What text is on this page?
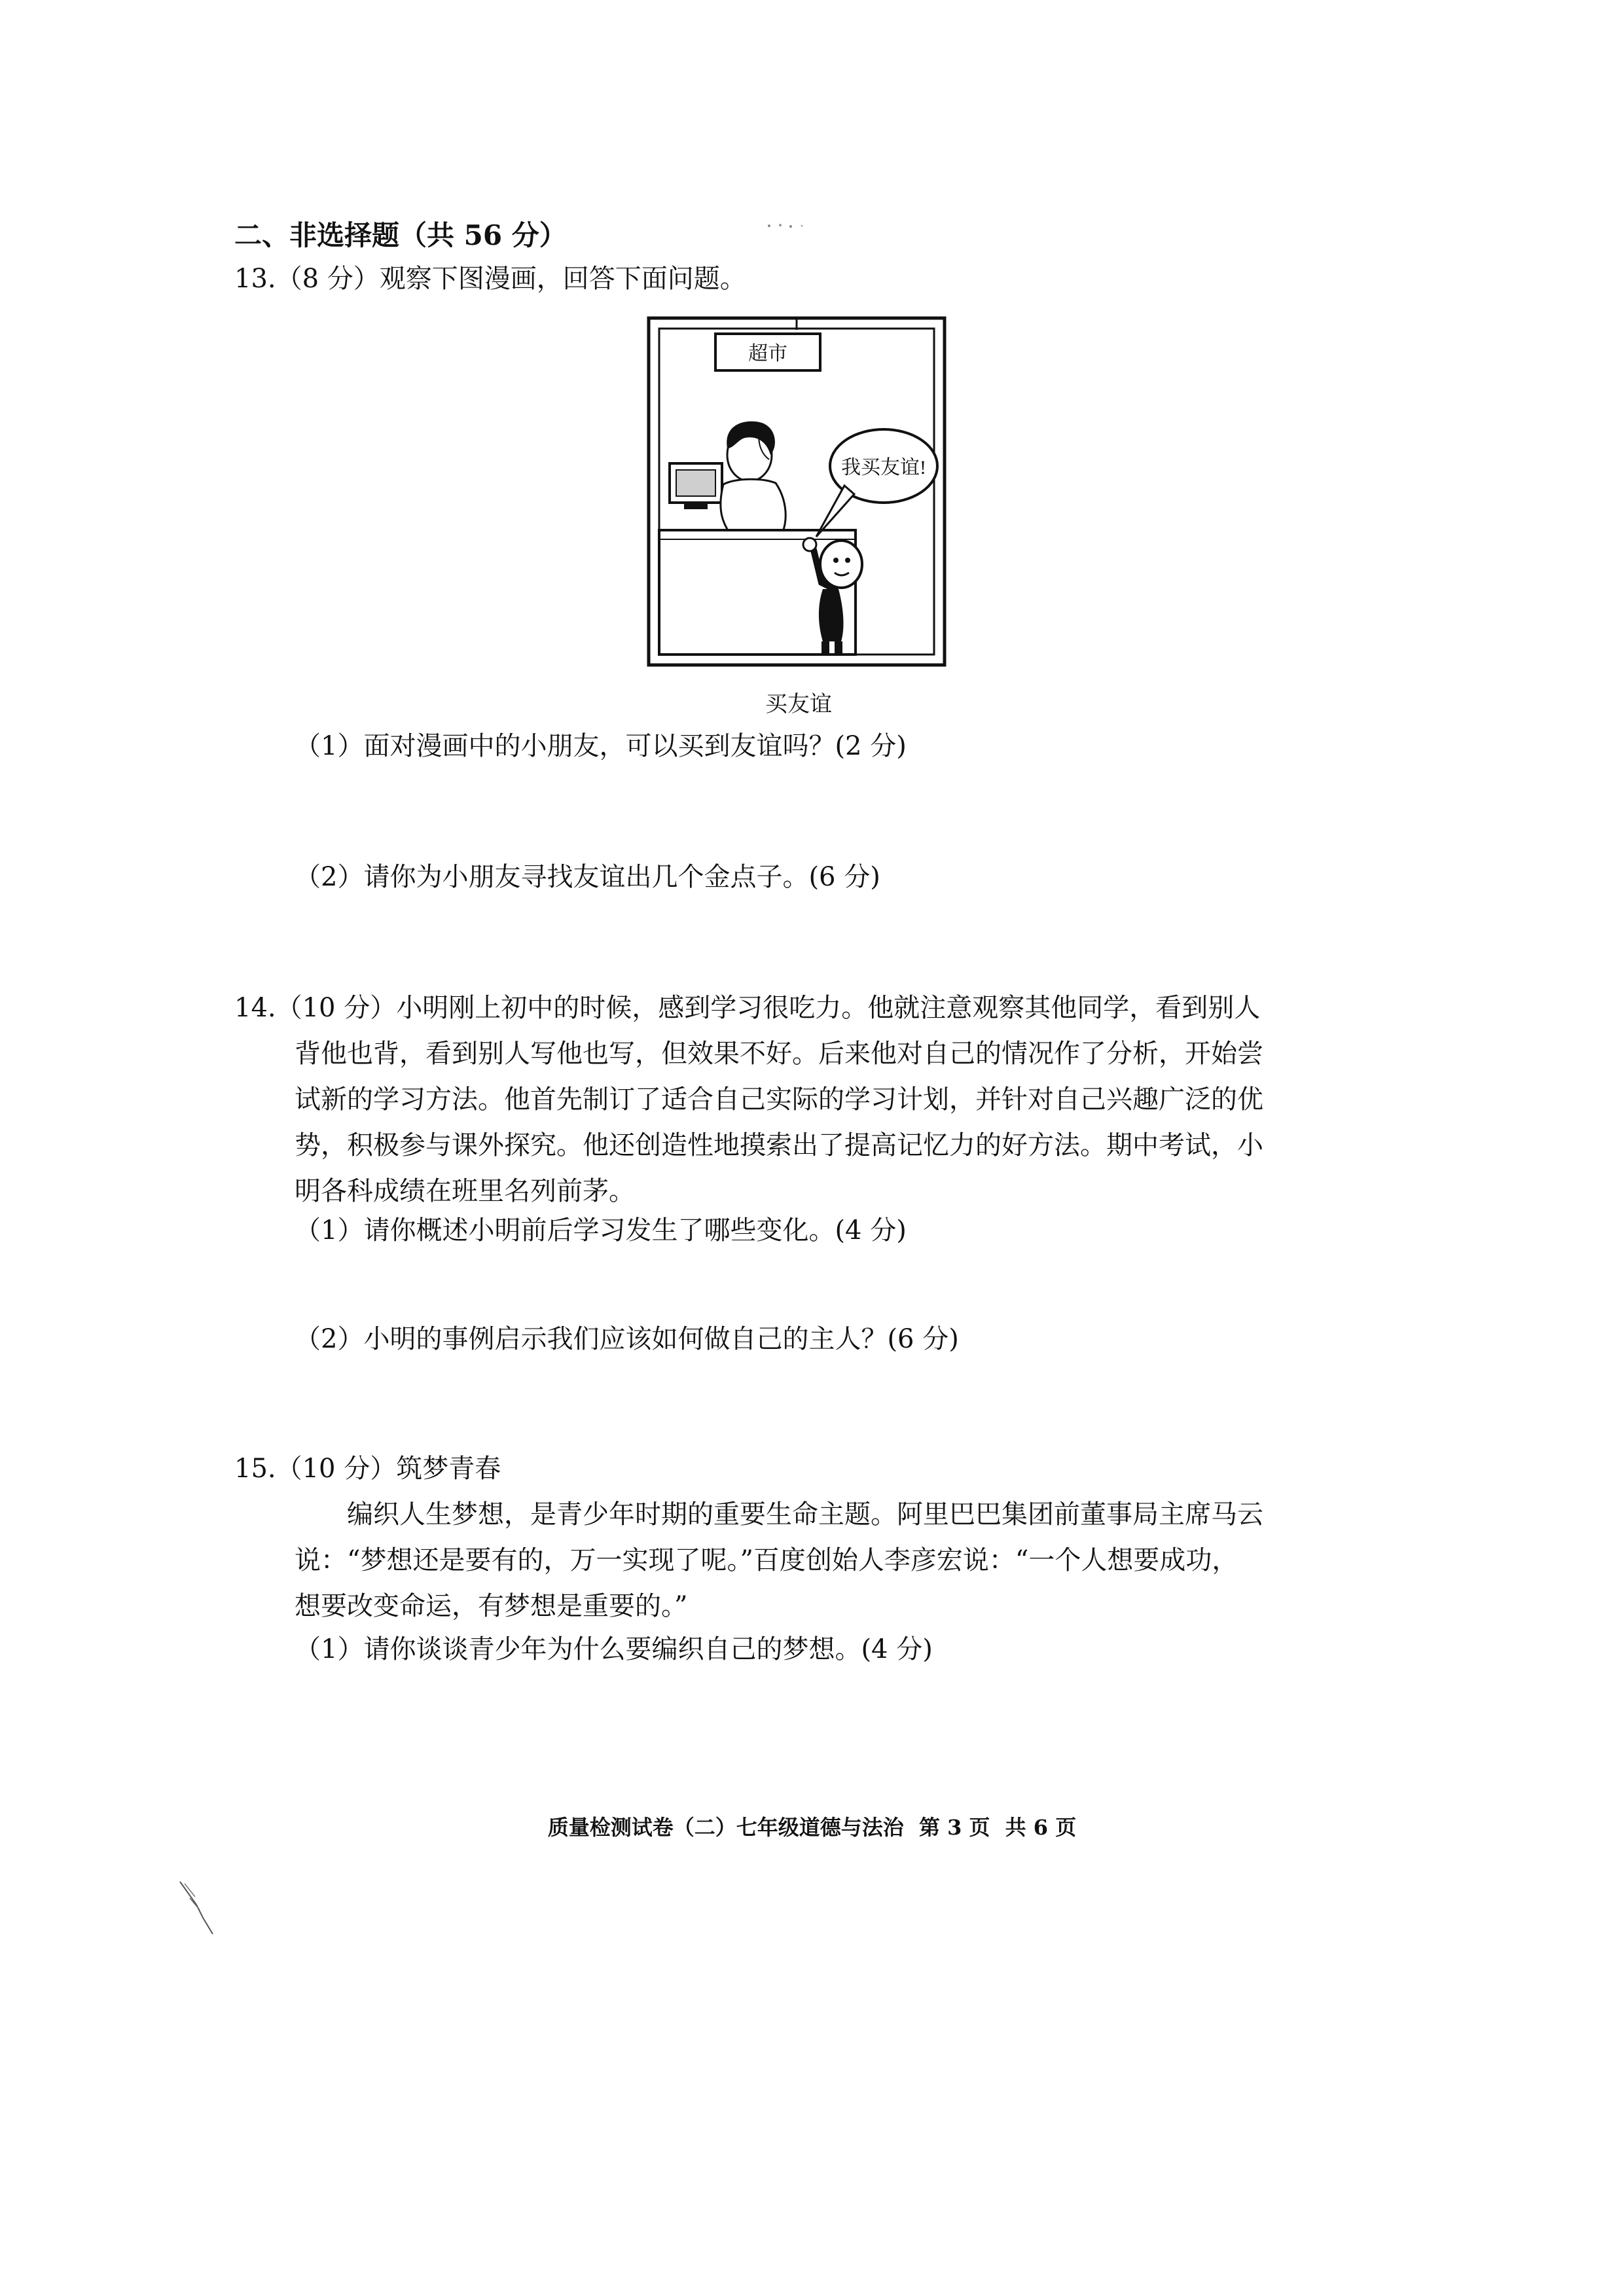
二、非选择题（共 56 分）
13.（8 分）观察下图漫画，回答下面问题。
超市
我买友谊!
买友谊
（1）面对漫画中的小朋友，可以买到友谊吗？(2 分)
（2）请你为小朋友寻找友谊出几个金点子。(6 分)
14.（10 分）小明刚上初中的时候，感到学习很吃力。他就注意观察其他同学，看到别人
背他也背，看到别人写他也写，但效果不好。后来他对自己的情况作了分析，开始尝
试新的学习方法。他首先制订了适合自己实际的学习计划，并针对自己兴趣广泛的优
势，积极参与课外探究。他还创造性地摸索出了提高记忆力的好方法。期中考试，小
明各科成绩在班里名列前茅。
（1）请你概述小明前后学习发生了哪些变化。(4 分)
（2）小明的事例启示我们应该如何做自己的主人？(6 分)
15.（10 分）筑梦青春
编织人生梦想，是青少年时期的重要生命主题。阿里巴巴集团前董事局主席马云
说：“梦想还是要有的，万一实现了呢。”百度创始人李彦宏说：“一个人想要成功，
想要改变命运，有梦想是重要的。”
（1）请你谈谈青少年为什么要编织自己的梦想。(4 分)
质量检测试卷（二）七年级道德与法治 第 3 页 共 6 页
